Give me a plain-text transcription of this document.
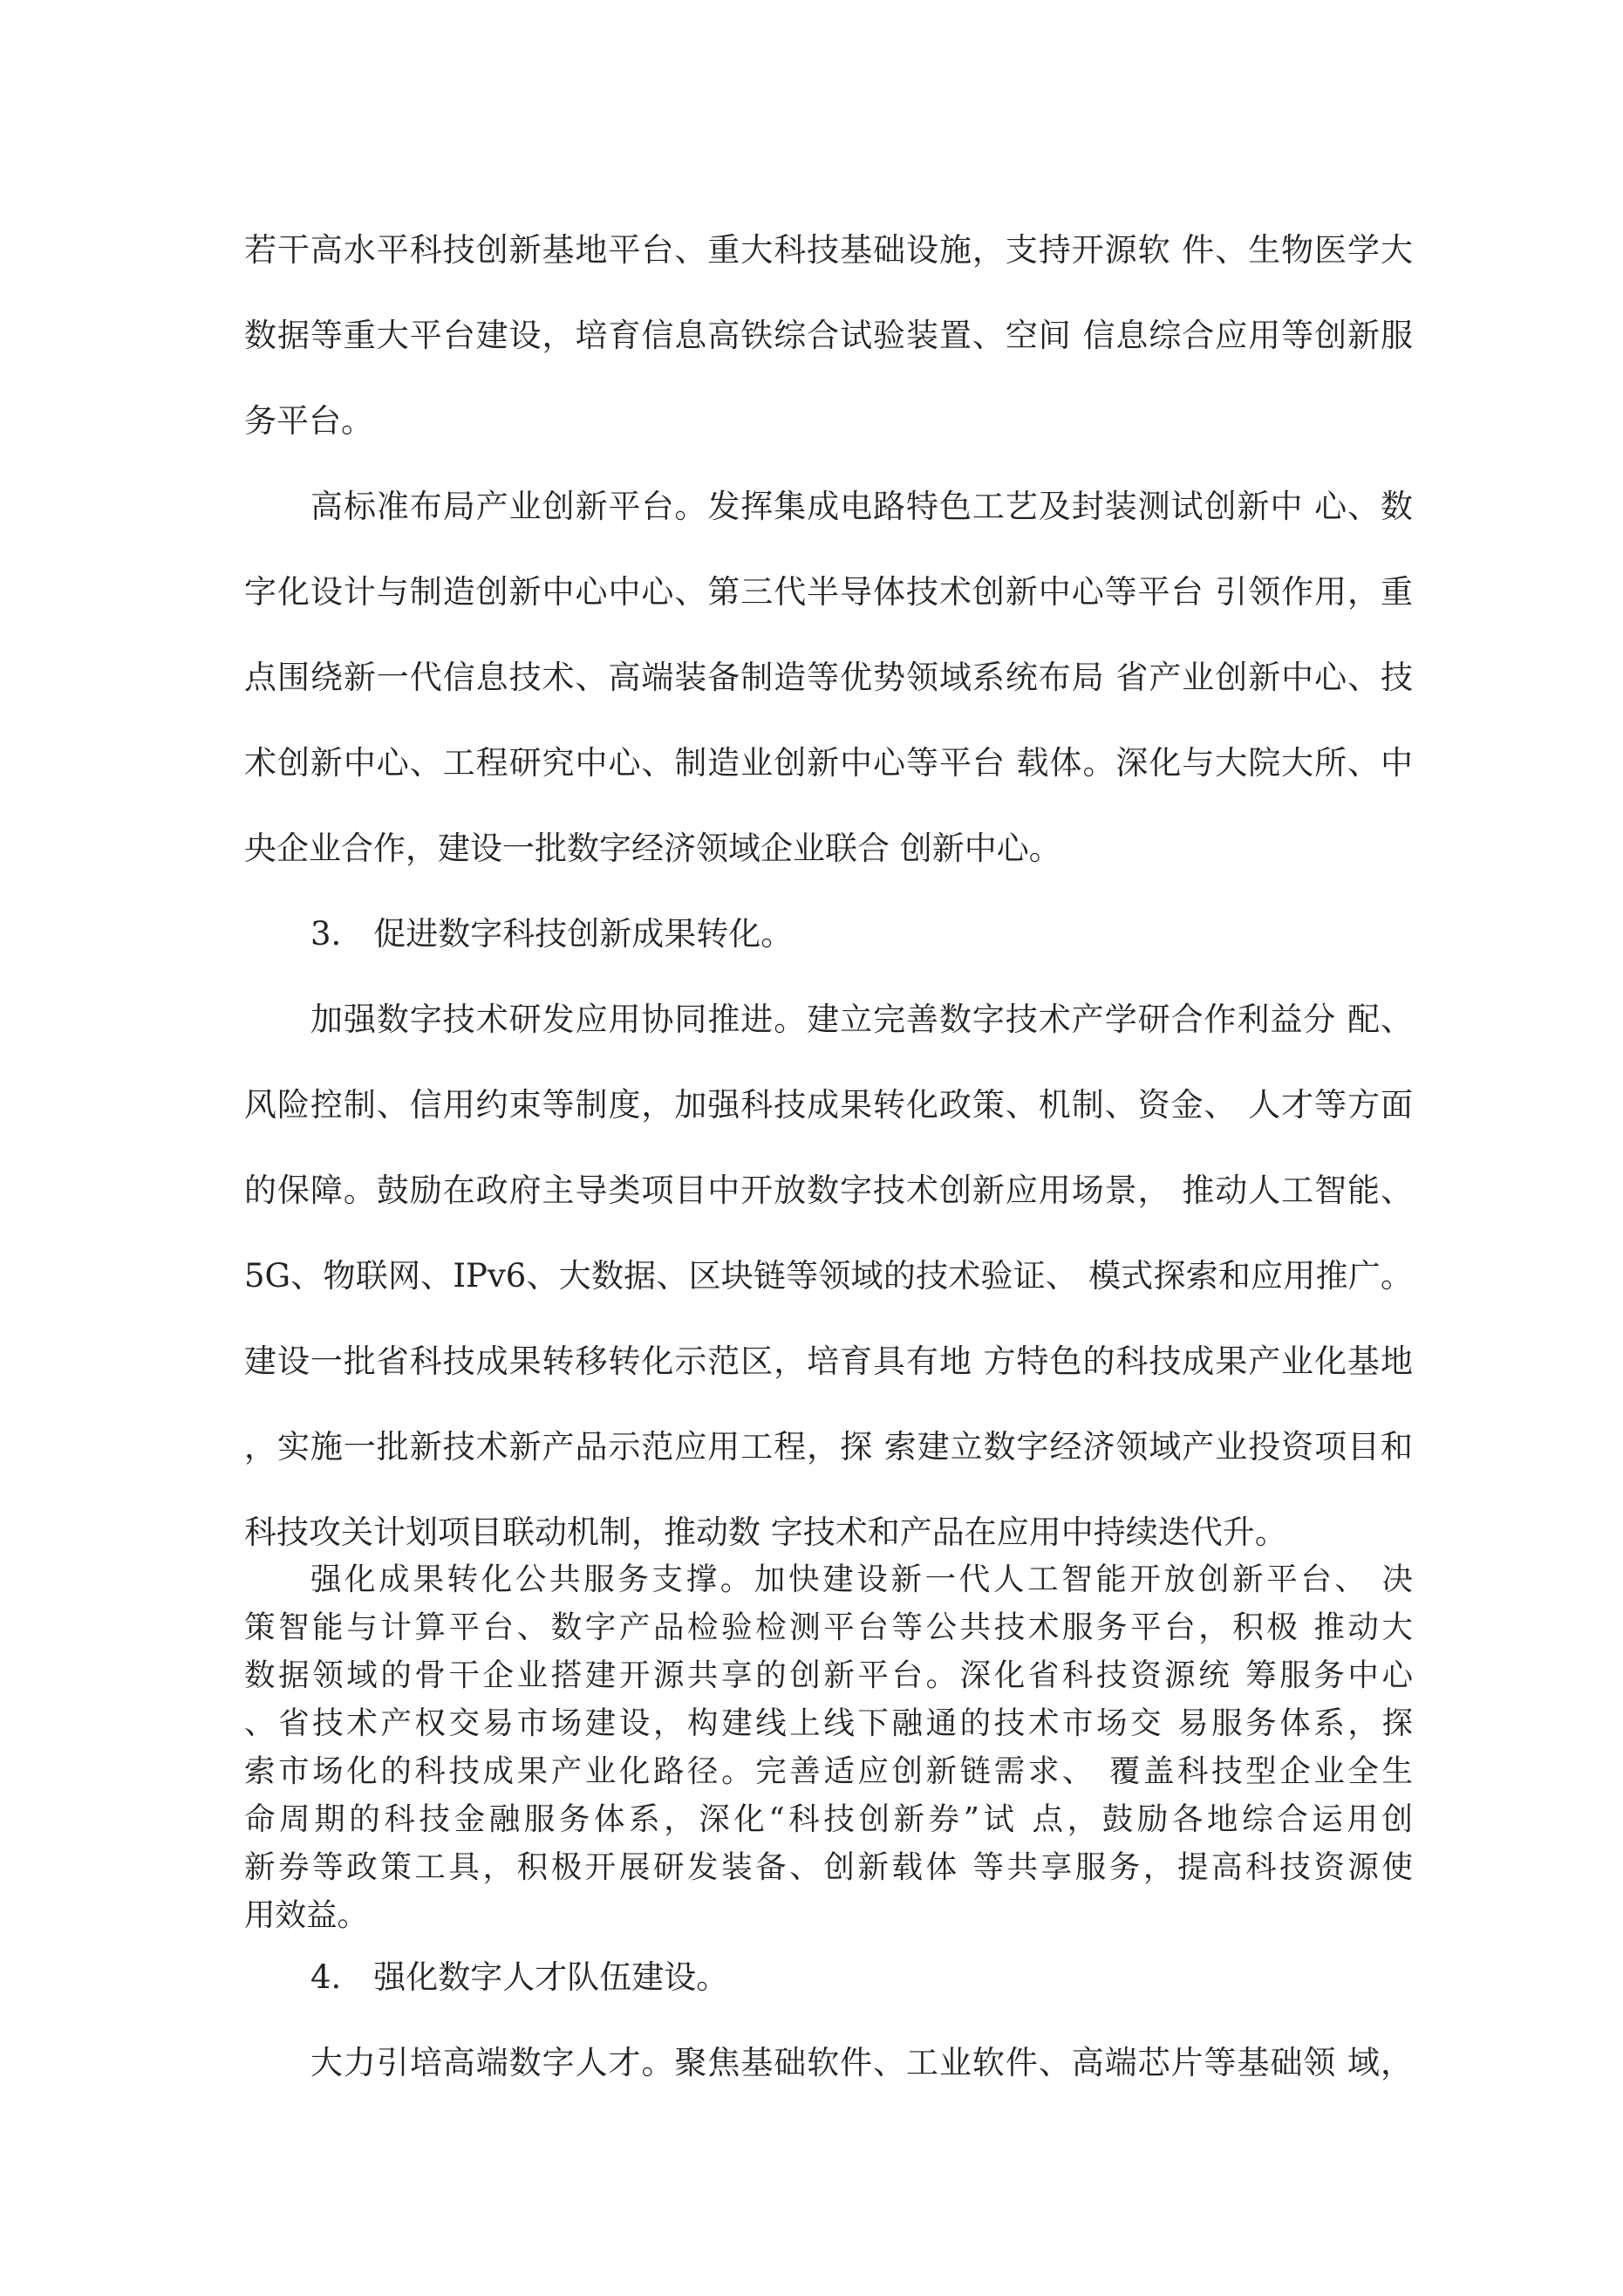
若干高水平科技创新基地平台、重大科技基础设施，支持开源软 件、生物医学大
数据等重大平台建设，培育信息高铁综合试验装置、空间 信息综合应用等创新服
务平台。
高标准布局产业创新平台。发挥集成电路特色工艺及封装测试创新中 心、数
字化设计与制造创新中心中心、第三代半导体技术创新中心等平台 引领作用，重
点围绕新一代信息技术、高端装备制造等优势领域系统布局 省产业创新中心、技
术创新中心、工程研究中心、制造业创新中心等平台 载体。深化与大院大所、中
央企业合作，建设一批数字经济领域企业联合 创新中心。
3.　促进数字科技创新成果转化。
加强数字技术研发应用协同推进。建立完善数字技术产学研合作利益分 配、
风险控制、信用约束等制度，加强科技成果转化政策、机制、资金、 人才等方面
的保障。鼓励在政府主导类项目中开放数字技术创新应用场景， 推动人工智能、
5G、物联网、IPv6、大数据、区块链等领域的技术验证、 模式探索和应用推广。
建设一批省科技成果转移转化示范区，培育具有地 方特色的科技成果产业化基地
，实施一批新技术新产品示范应用工程，探 索建立数字经济领域产业投资项目和
科技攻关计划项目联动机制，推动数 字技术和产品在应用中持续迭代升。
强化成果转化公共服务支撑。加快建设新一代人工智能开放创新平台、 决
策智能与计算平台、数字产品检验检测平台等公共技术服务平台，积极 推动大
数据领域的骨干企业搭建开源共享的创新平台。深化省科技资源统 筹服务中心
、省技术产权交易市场建设，构建线上线下融通的技术市场交 易服务体系，探
索市场化的科技成果产业化路径。完善适应创新链需求、 覆盖科技型企业全生
命周期的科技金融服务体系，深化“科技创新券”试 点，鼓励各地综合运用创
新券等政策工具，积极开展研发装备、创新载体 等共享服务，提高科技资源使
用效益。
4.　强化数字人才队伍建设。
大力引培高端数字人才。聚焦基础软件、工业软件、高端芯片等基础领 域，
